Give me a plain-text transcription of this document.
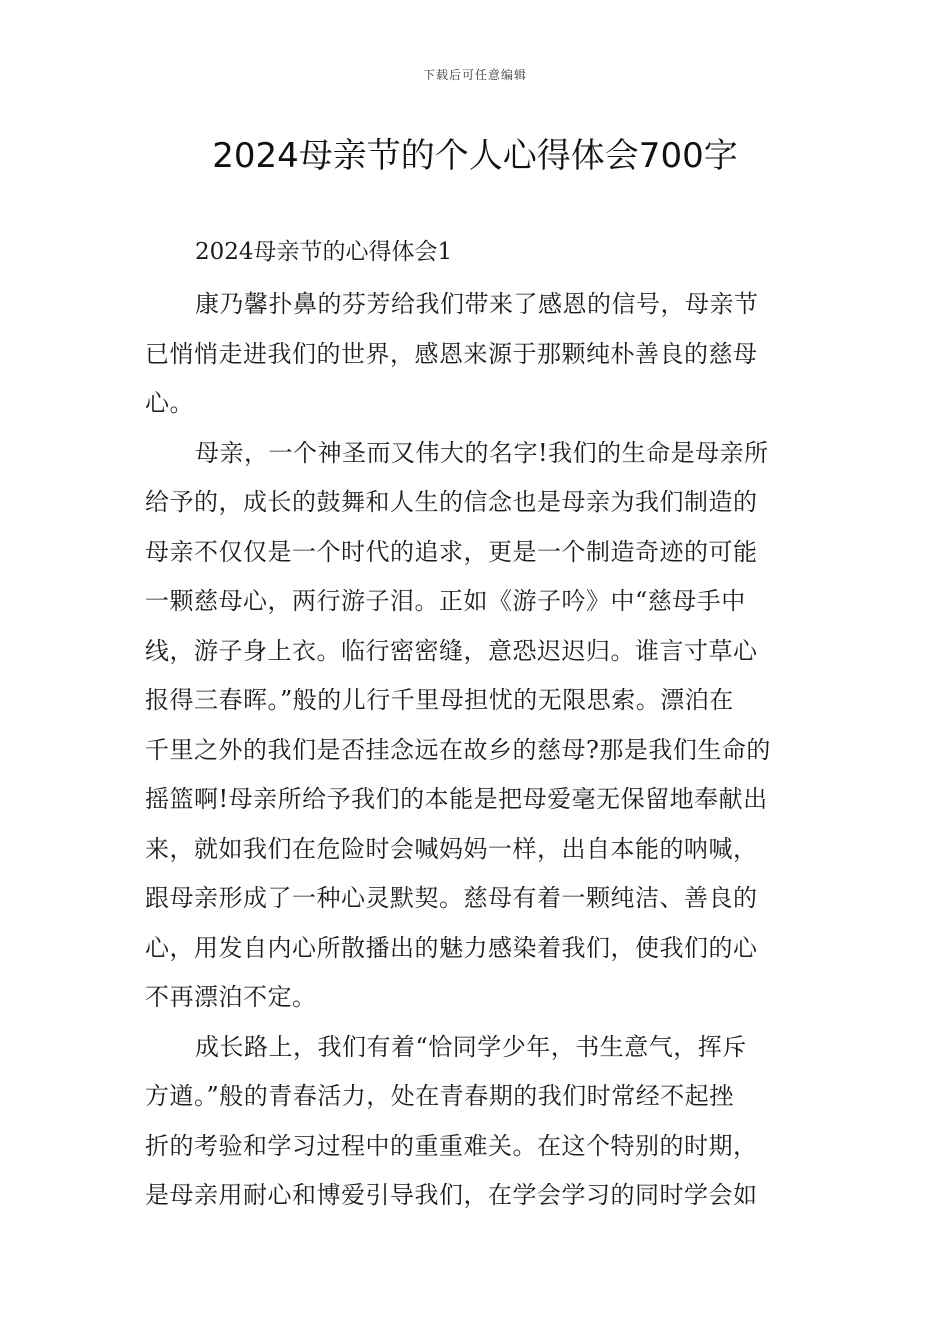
下载后可任意编辑
2024母亲节的个人心得体会700字
2024母亲节的心得体会1
康乃馨扑鼻的芬芳给我们带来了感恩的信号，母亲节
已悄悄走进我们的世界，感恩来源于那颗纯朴善良的慈母
心。
母亲，一个神圣而又伟大的名字!我们的生命是母亲所
给予的，成长的鼓舞和人生的信念也是母亲为我们制造的
母亲不仅仅是一个时代的追求，更是一个制造奇迹的可能
一颗慈母心，两行游子泪。正如《游子吟》中“慈母手中
线，游子身上衣。临行密密缝，意恐迟迟归。谁言寸草心
报得三春晖。”般的儿行千里母担忧的无限思索。漂泊在
千里之外的我们是否挂念远在故乡的慈母?那是我们生命的
摇篮啊!母亲所给予我们的本能是把母爱毫无保留地奉献出
来，就如我们在危险时会喊妈妈一样，出自本能的呐喊，
跟母亲形成了一种心灵默契。慈母有着一颗纯洁、善良的
心，用发自内心所散播出的魅力感染着我们，使我们的心
不再漂泊不定。
成长路上，我们有着“恰同学少年，书生意气，挥斥
方遒。”般的青春活力，处在青春期的我们时常经不起挫
折的考验和学习过程中的重重难关。在这个特别的时期，
是母亲用耐心和博爱引导我们，在学会学习的同时学会如
